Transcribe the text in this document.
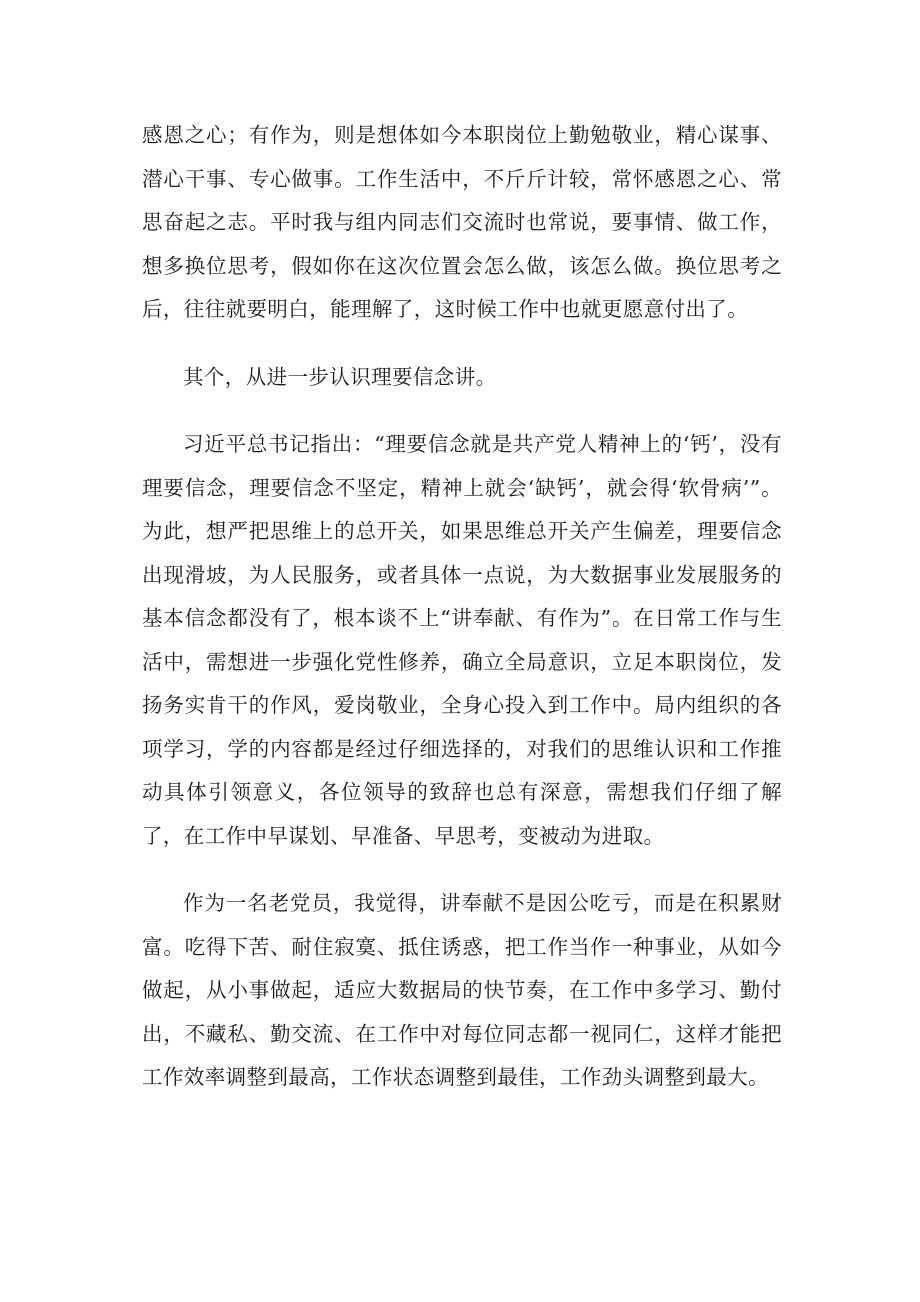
感恩之心；有作为，则是想体如今本职岗位上勤勉敬业，精心谋事、潜心干事、专心做事。工作生活中，不斤斤计较，常怀感恩之心、常思奋起之志。平时我与组内同志们交流时也常说，要事情、做工作，想多换位思考，假如你在这次位置会怎么做，该怎么做。换位思考之后，往往就要明白，能理解了，这时候工作中也就更愿意付出了。

其个，从进一步认识理要信念讲。

习近平总书记指出：“理要信念就是共产党人精神上的‘钙’，没有理要信念，理要信念不坚定，精神上就会‘缺钙’，就会得‘软骨病’”。为此，想严把思维上的总开关，如果思维总开关产生偏差，理要信念出现滑坡，为人民服务，或者具体一点说，为大数据事业发展服务的基本信念都没有了，根本谈不上“讲奉献、有作为”。在日常工作与生活中，需想进一步强化党性修养，确立全局意识，立足本职岗位，发扬务实肯干的作风，爱岗敬业，全身心投入到工作中。局内组织的各项学习，学的内容都是经过仔细选择的，对我们的思维认识和工作推动具体引领意义，各位领导的致辞也总有深意，需想我们仔细了解了，在工作中早谋划、早准备、早思考，变被动为进取。

作为一名老党员，我觉得，讲奉献不是因公吃亏，而是在积累财富。吃得下苦、耐住寂寞、抵住诱惑，把工作当作一种事业，从如今做起，从小事做起，适应大数据局的快节奏，在工作中多学习、勤付出，不藏私、勤交流、在工作中对每位同志都一视同仁，这样才能把工作效率调整到最高，工作状态调整到最佳，工作劲头调整到最大。
